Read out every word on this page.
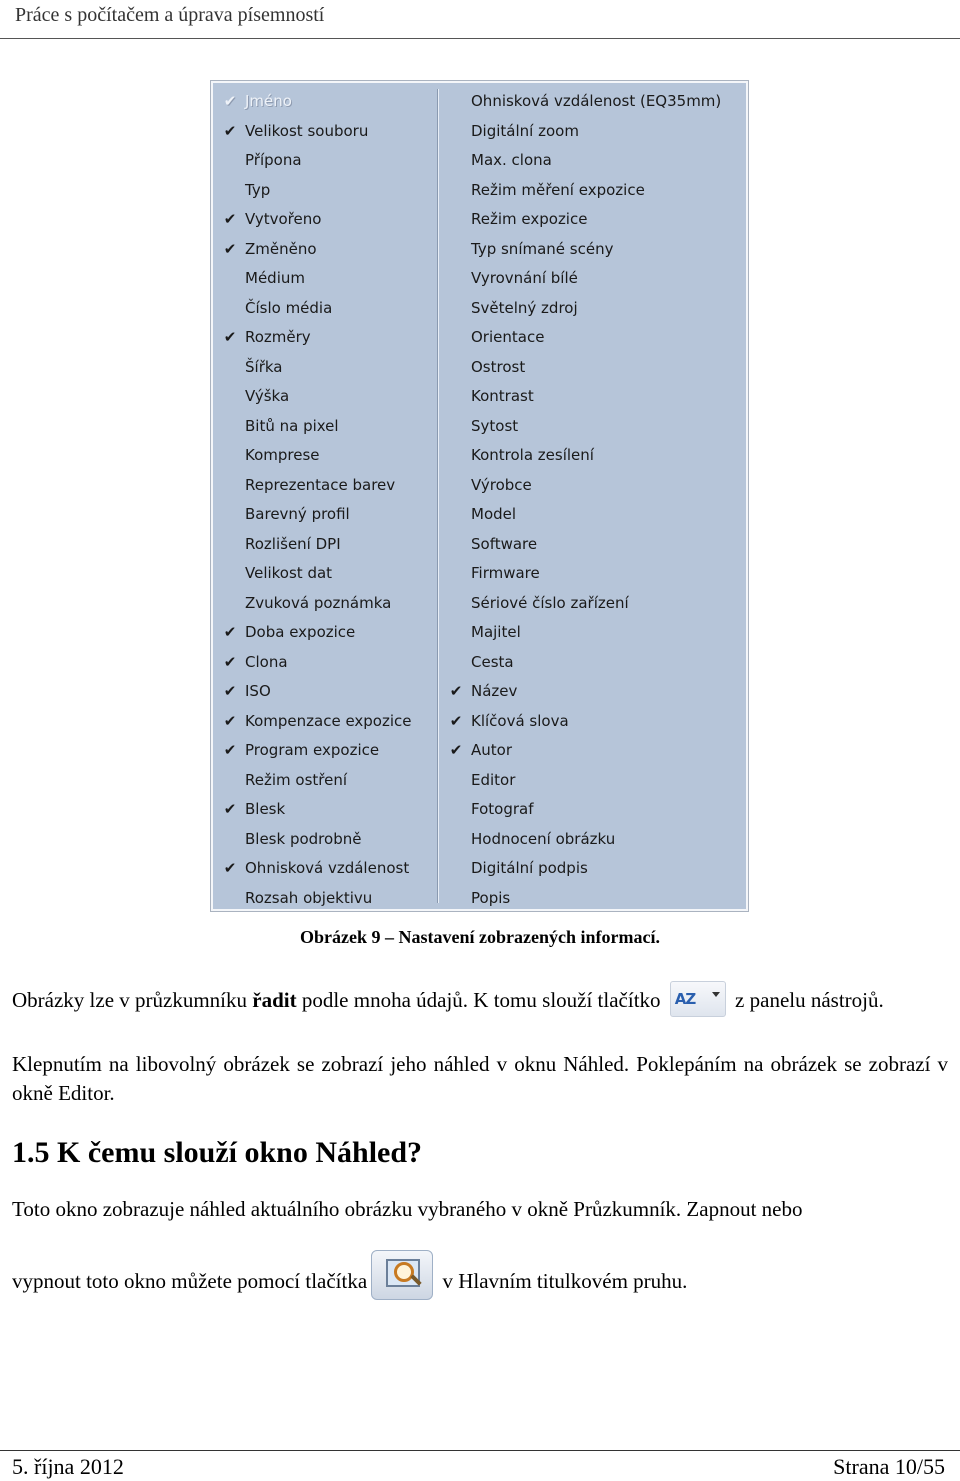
Práce s počítačem a úprava písemností
✔ Jméno
✔ Velikost souboru
Přípona
Typ
✔ Vytvořeno
✔ Změněno
Médium
Číslo média
✔ Rozměry
Šířka
Výška
Bitů na pixel
Komprese
Reprezentace barev
Barevný profil
Rozlišení DPI
Velikost dat
Zvuková poznámka
✔ Doba expozice
✔ Clona
✔ ISO
✔ Kompenzace expozice
✔ Program expozice
Režim ostření
✔ Blesk
Blesk podrobně
✔ Ohnisková vzdálenost
Rozsah objektivu
Ohnisková vzdálenost (EQ35mm)
Digitální zoom
Max. clona
Režim měření expozice
Režim expozice
Typ snímané scény
Vyrovnání bílé
Světelný zdroj
Orientace
Ostrost
Kontrast
Sytost
Kontrola zesílení
Výrobce
Model
Software
Firmware
Sériové číslo zařízení
Majitel
Cesta
✔ Název
✔ Klíčová slova
✔ Autor
Editor
Fotograf
Hodnocení obrázku
Digitální podpis
Popis
Obrázek 9 – Nastavení zobrazených informací.
Obrázky lze v průzkumníku řadit podle mnoha údajů. K tomu slouží tlačítko AZ z panelu nástrojů.
Klepnutím na libovolný obrázek se zobrazí jeho náhled v oknu Náhled. Poklepáním na obrázek se zobrazí v okně Editor.
1.5 K čemu slouží okno Náhled?
Toto okno zobrazuje náhled aktuálního obrázku vybraného v okně Průzkumník. Zapnout nebo
vypnout toto okno můžete pomocí tlačítka	v Hlavním titulkovém pruhu.
5. října 2012	Strana 10/55
